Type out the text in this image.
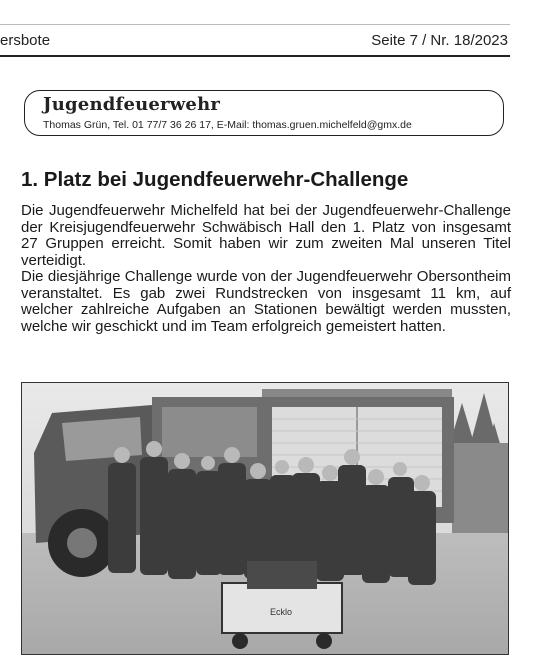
ersbote	Seite 7 / Nr. 18/2023
Jugendfeuerwehr
Thomas Grün, Tel. 01 77/7 36 26 17, E-Mail: thomas.gruen.michelfeld@gmx.de
1. Platz bei Jugendfeuerwehr-Challenge

Die Jugendfeuerwehr Michelfeld hat bei der Jugendfeuerwehr-Challenge der Kreisjugendfeuerwehr Schwäbisch Hall den 1. Platz von insgesamt 27 Gruppen erreicht. Somit haben wir zum zweiten Mal unseren Titel verteidigt.

Die diesjährige Challenge wurde von der Jugendfeuerwehr Obersontheim veranstaltet. Es gab zwei Rundstrecken von insgesamt 11 km, auf welcher zahlreiche Aufgaben an Stationen bewältigt werden mussten, welche wir geschickt und im Team erfolgreich gemeistert hatten.

Ecklo
